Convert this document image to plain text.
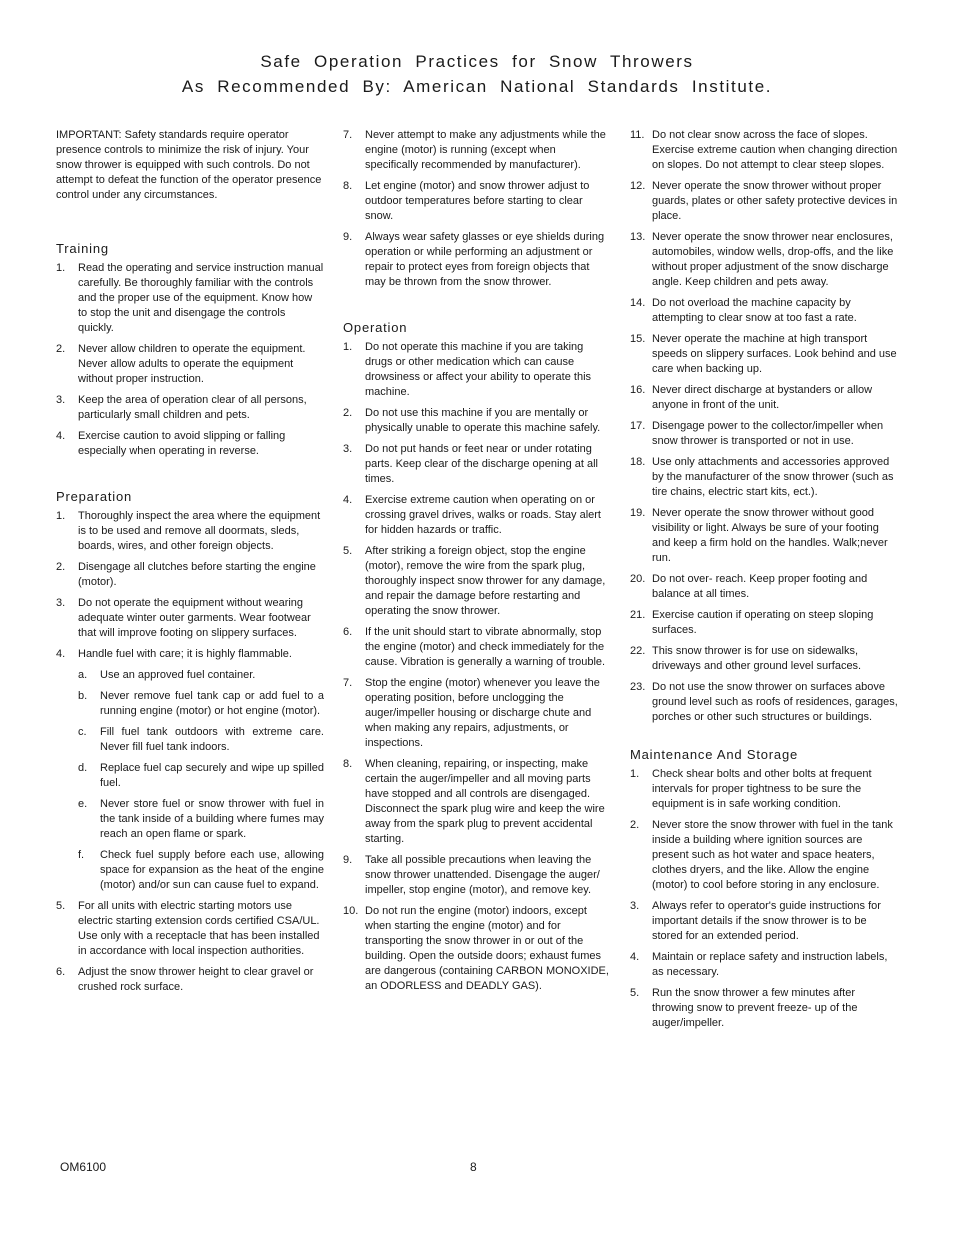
Safe Operation Practices for Snow Throwers
As Recommended By: American National Standards Institute.

IMPORTANT: Safety standards require operator presence controls to minimize the risk of injury. Your snow thrower is equipped with such controls. Do not attempt to defeat the function of the operator presence control under any circumstances.

Training
1. Read the operating and service instruction manual carefully. Be thoroughly familiar with the controls and the proper use of the equipment. Know how to stop the unit and disengage the controls quickly.
2. Never allow children to operate the equipment. Never allow adults to operate the equipment without proper instruction.
3. Keep the area of operation clear of all persons, particularly small children and pets.
4. Exercise caution to avoid slipping or falling especially when operating in reverse.
Preparation
1. Thoroughly inspect the area where the equipment is to be used and remove all doormats, sleds, boards, wires, and other foreign objects.
2. Disengage all clutches before starting the engine (motor).
3. Do not operate the equipment without wearing adequate winter outer garments. Wear footwear that will improve footing on slippery surfaces.
4. Handle fuel with care; it is highly flammable.
a. Use an approved fuel container.
b. Never remove fuel tank cap or add fuel to a running engine (motor) or hot engine (motor).
c. Fill fuel tank outdoors with extreme care. Never fill fuel tank indoors.
d. Replace fuel cap securely and wipe up spilled fuel.
e. Never store fuel or snow thrower with fuel in the tank inside of a building where fumes may reach an open flame or spark.
f. Check fuel supply before each use, allowing space for expansion as the heat of the engine (motor) and/or sun can cause fuel to expand.
5. For all units with electric starting motors use electric starting extension cords certified CSA/UL. Use only with a receptacle that has been installed in accordance with local inspection authorities.
6. Adjust the snow thrower height to clear gravel or crushed rock surface.
7. Never attempt to make any adjustments while the engine (motor) is running (except when specifically recommended by manufacturer).
8. Let engine (motor) and snow thrower adjust to outdoor temperatures before starting to clear snow.
9. Always wear safety glasses or eye shields during operation or while performing an adjustment or repair to protect eyes from foreign objects that may be thrown from the snow thrower.
Operation
1. Do not operate this machine if you are taking drugs or other medication which can cause drowsiness or affect your ability to operate this machine.
2. Do not use this machine if you are mentally or physically unable to operate this machine safely.
3. Do not put hands or feet near or under rotating parts. Keep clear of the discharge opening at all times.
4. Exercise extreme caution when operating on or crossing gravel drives, walks or roads. Stay alert for hidden hazards or traffic.
5. After striking a foreign object, stop the engine (motor), remove the wire from the spark plug, thoroughly inspect snow thrower for any damage, and repair the damage before restarting and operating the snow thrower.
6. If the unit should start to vibrate abnormally, stop the engine (motor) and check immediately for the cause. Vibration is generally a warning of trouble.
7. Stop the engine (motor) whenever you leave the operating position, before unclogging the auger/impeller housing or discharge chute and when making any repairs, adjustments, or inspections.
8. When cleaning, repairing, or inspecting, make certain the auger/impeller and all moving parts have stopped and all controls are disengaged. Disconnect the spark plug wire and keep the wire away from the spark plug to prevent accidental starting.
9. Take all possible precautions when leaving the snow thrower unattended. Disengage the auger/ impeller, stop engine (motor), and remove key.
10. Do not run the engine (motor) indoors, except when starting the engine (motor) and for transporting the snow thrower in or out of the building. Open the outside doors; exhaust fumes are dangerous (containing CARBON MONOXIDE, an ODORLESS and DEADLY GAS).
11. Do not clear snow across the face of slopes. Exercise extreme caution when changing direction on slopes. Do not attempt to clear steep slopes.
12. Never operate the snow thrower without proper guards, plates or other safety protective devices in place.
13. Never operate the snow thrower near enclosures, automobiles, window wells, drop-offs, and the like without proper adjustment of the snow discharge angle. Keep children and pets away.
14. Do not overload the machine capacity by attempting to clear snow at too fast a rate.
15. Never operate the machine at high transport speeds on slippery surfaces. Look behind and use care when backing up.
16. Never direct discharge at bystanders or allow anyone in front of the unit.
17. Disengage power to the collector/impeller when snow thrower is transported or not in use.
18. Use only attachments and accessories approved by the manufacturer of the snow thrower (such as tire chains, electric start kits, ect.).
19. Never operate the snow thrower without good visibility or light. Always be sure of your footing and keep a firm hold on the handles. Walk;never run.
20. Do not over- reach. Keep proper footing and balance at all times.
21. Exercise caution if operating on steep sloping surfaces.
22. This snow thrower is for use on sidewalks, driveways and other ground level surfaces.
23. Do not use the snow thrower on surfaces above ground level such as roofs of residences, garages, porches or other such structures or buildings.
Maintenance And Storage
1. Check shear bolts and other bolts at frequent intervals for proper tightness to be sure the equipment is in safe working condition.
2. Never store the snow thrower with fuel in the tank inside a building where ignition sources are present such as hot water and space heaters, clothes dryers, and the like. Allow the engine (motor) to cool before storing in any enclosure.
3. Always refer to operator's guide instructions for important details if the snow thrower is to be stored for an extended period.
4. Maintain or replace safety and instruction labels, as necessary.
5. Run the snow thrower a few minutes after throwing snow to prevent freeze- up of the auger/impeller.
OM6100	8
